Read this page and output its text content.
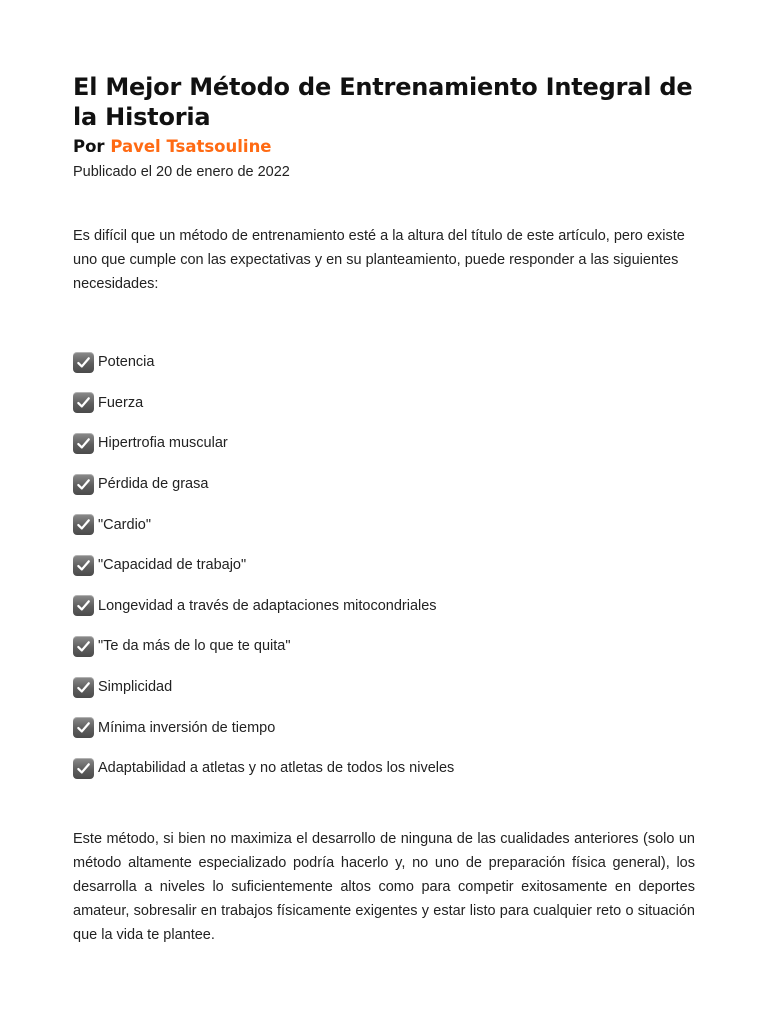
El Mejor Método de Entrenamiento Integral de la Historia
Por Pavel Tsatsouline
Publicado el 20 de enero de 2022

Es difícil que un método de entrenamiento esté a la altura del título de este artículo, pero existe uno que cumple con las expectativas y en su planteamiento, puede responder a las siguientes necesidades:

Potencia
Fuerza
Hipertrofia muscular
Pérdida de grasa
"Cardio"
"Capacidad de trabajo"
Longevidad a través de adaptaciones mitocondriales
"Te da más de lo que te quita"
Simplicidad
Mínima inversión de tiempo
Adaptabilidad a atletas y no atletas de todos los niveles

Este método, si bien no maximiza el desarrollo de ninguna de las cualidades anteriores (solo un método altamente especializado podría hacerlo y, no uno de preparación física general), los desarrolla a niveles lo suficientemente altos como para competir exitosamente en deportes amateur, sobresalir en trabajos físicamente exigentes y estar listo para cualquier reto o situación que la vida te plantee.
